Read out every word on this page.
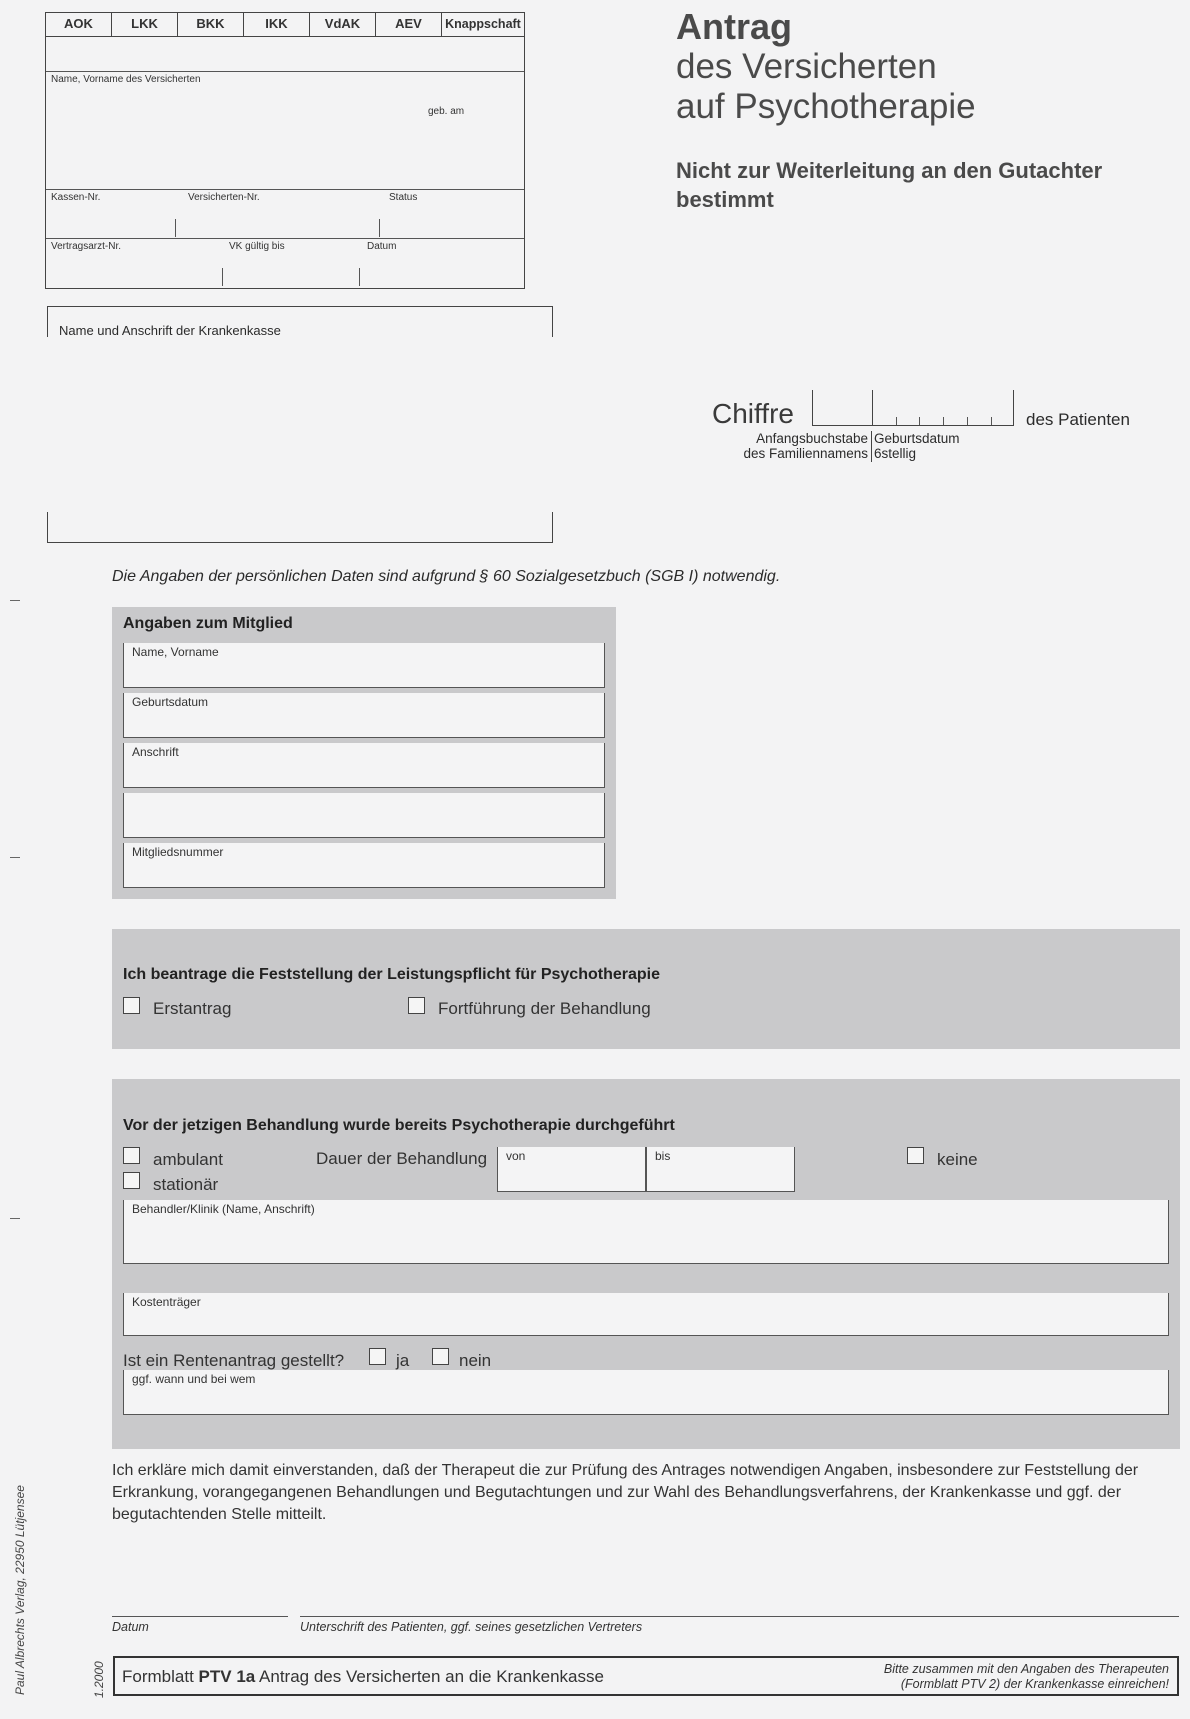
AOK	LKK	BKK	IKK	VdAK	AEV	Knappschaft
Name, Vorname des Versicherten
geb. am
Kassen-Nr.	Versicherten-Nr.	Status
Vertragsarzt-Nr.	VK gültig bis	Datum
Name und Anschrift der Krankenkasse
Antrag
des Versicherten
auf Psychotherapie
Nicht zur Weiterleitung an den Gutachter bestimmt
Chiffre	des Patienten
Anfangsbuchstabe
des Familiennamens
Geburtsdatum
6stellig
Die Angaben der persönlichen Daten sind aufgrund § 60 Sozialgesetzbuch (SGB I) notwendig.
Angaben zum Mitglied
Name, Vorname
Geburtsdatum
Anschrift
Mitgliedsnummer
Ich beantrage die Feststellung der Leistungspflicht für Psychotherapie
Erstantrag	Fortführung der Behandlung
Vor der jetzigen Behandlung wurde bereits Psychotherapie durchgeführt
ambulant
stationär
Dauer der Behandlung von	bis	keine
Behandler/Klinik (Name, Anschrift)
Kostenträger
Ist ein Rentenantrag gestellt?	ja	nein
ggf. wann und bei wem
Ich erkläre mich damit einverstanden, daß der Therapeut die zur Prüfung des Antrages notwendigen Angaben, insbesondere zur Feststellung der Erkrankung, vorangegangenen Behandlungen und Begutachtungen und zur Wahl des Behandlungsverfahrens, der Krankenkasse und ggf. der begutachtenden Stelle mitteilt.
Datum	Unterschrift des Patienten, ggf. seines gesetzlichen Vertreters
Formblatt PTV 1a Antrag des Versicherten an die Krankenkasse	Bitte zusammen mit den Angaben des Therapeuten
(Formblatt PTV 2) der Krankenkasse einreichen!
Paul Albrechts Verlag, 22950 Lütjensee	1.2000
